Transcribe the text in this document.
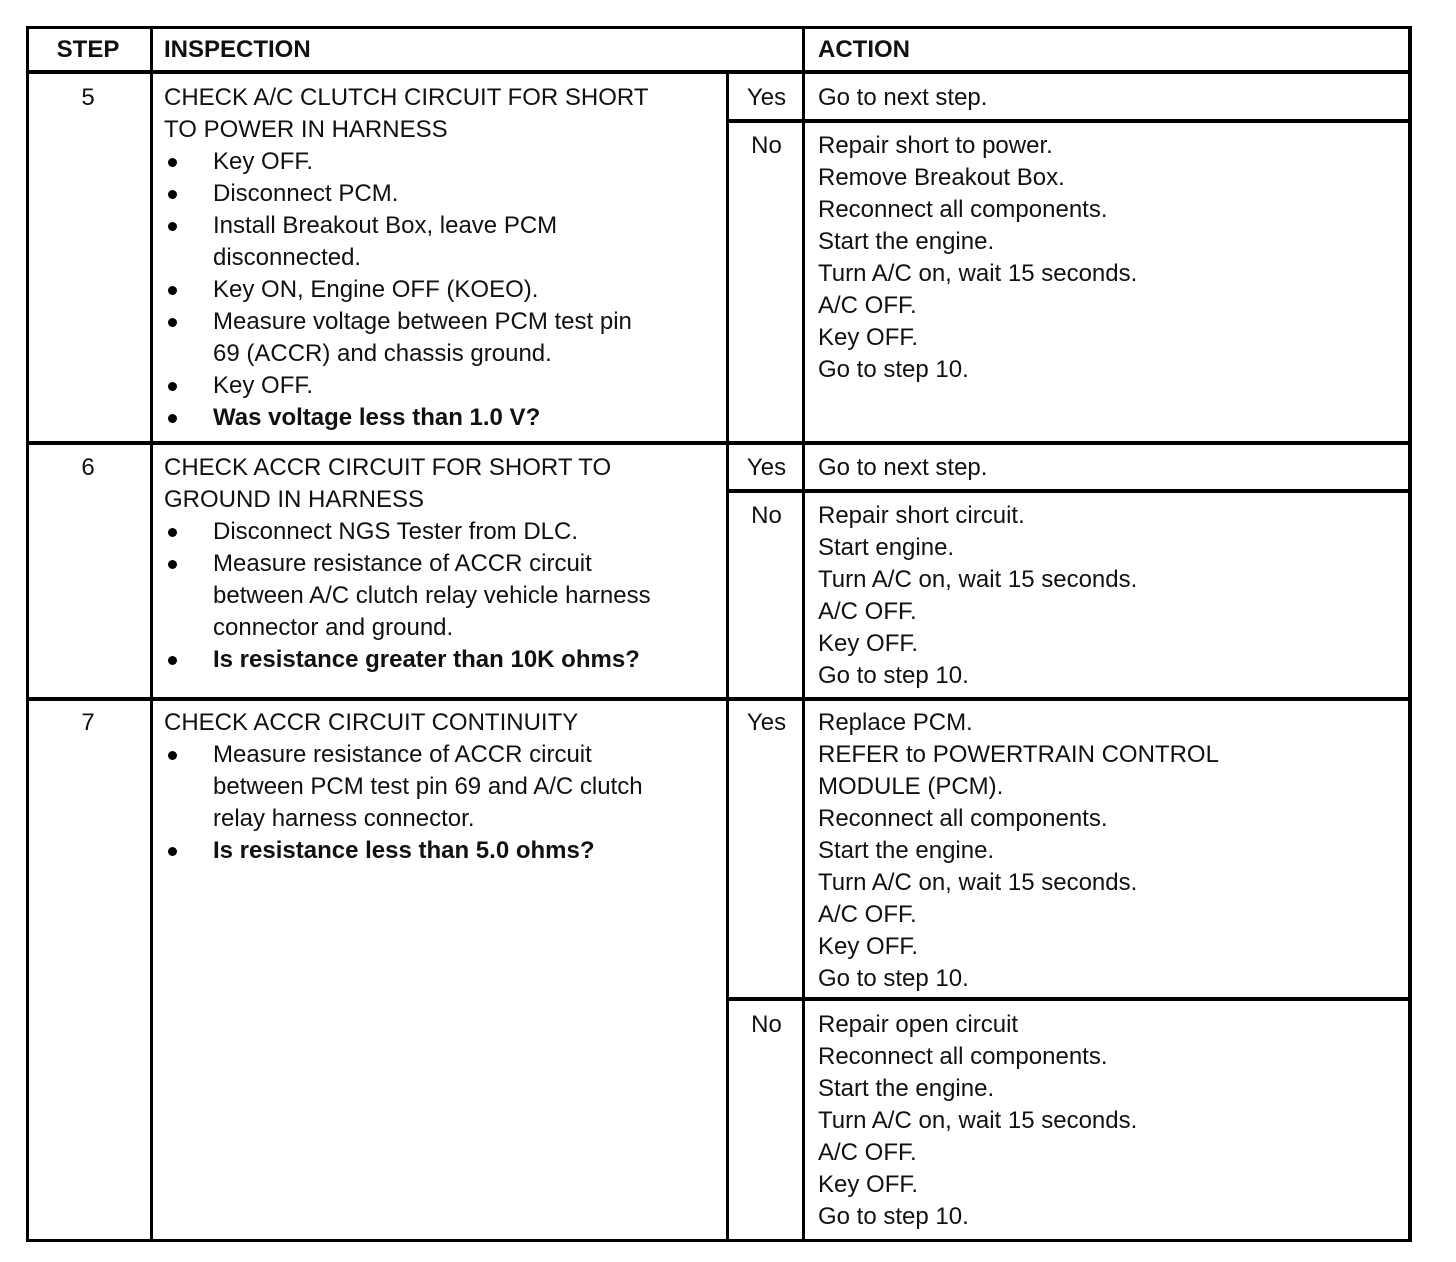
STEP	INSPECTION	ACTION
5	CHECK A/C CLUTCH CIRCUIT FOR SHORT
TO POWER IN HARNESS
Key OFF.
Disconnect PCM.
Install Breakout Box, leave PCM
disconnected.
Key ON, Engine OFF (KOEO).
Measure voltage between PCM test pin
69 (ACCR) and chassis ground.
Key OFF.
Was voltage less than 1.0 V?
Yes	Go to next step.
No	Repair short to power.
Remove Breakout Box.
Reconnect all components.
Start the engine.
Turn A/C on, wait 15 seconds.
A/C OFF.
Key OFF.
Go to step 10.
6	CHECK ACCR CIRCUIT FOR SHORT TO
GROUND IN HARNESS
Disconnect NGS Tester from DLC.
Measure resistance of ACCR circuit
between A/C clutch relay vehicle harness
connector and ground.
Is resistance greater than 10K ohms?
Yes	Go to next step.
No	Repair short circuit.
Start engine.
Turn A/C on, wait 15 seconds.
A/C OFF.
Key OFF.
Go to step 10.
7	CHECK ACCR CIRCUIT CONTINUITY
Measure resistance of ACCR circuit
between PCM test pin 69 and A/C clutch
relay harness connector.
Is resistance less than 5.0 ohms?
Yes	Replace PCM.
REFER to POWERTRAIN CONTROL
MODULE (PCM).
Reconnect all components.
Start the engine.
Turn A/C on, wait 15 seconds.
A/C OFF.
Key OFF.
Go to step 10.
No	Repair open circuit
Reconnect all components.
Start the engine.
Turn A/C on, wait 15 seconds.
A/C OFF.
Key OFF.
Go to step 10.
